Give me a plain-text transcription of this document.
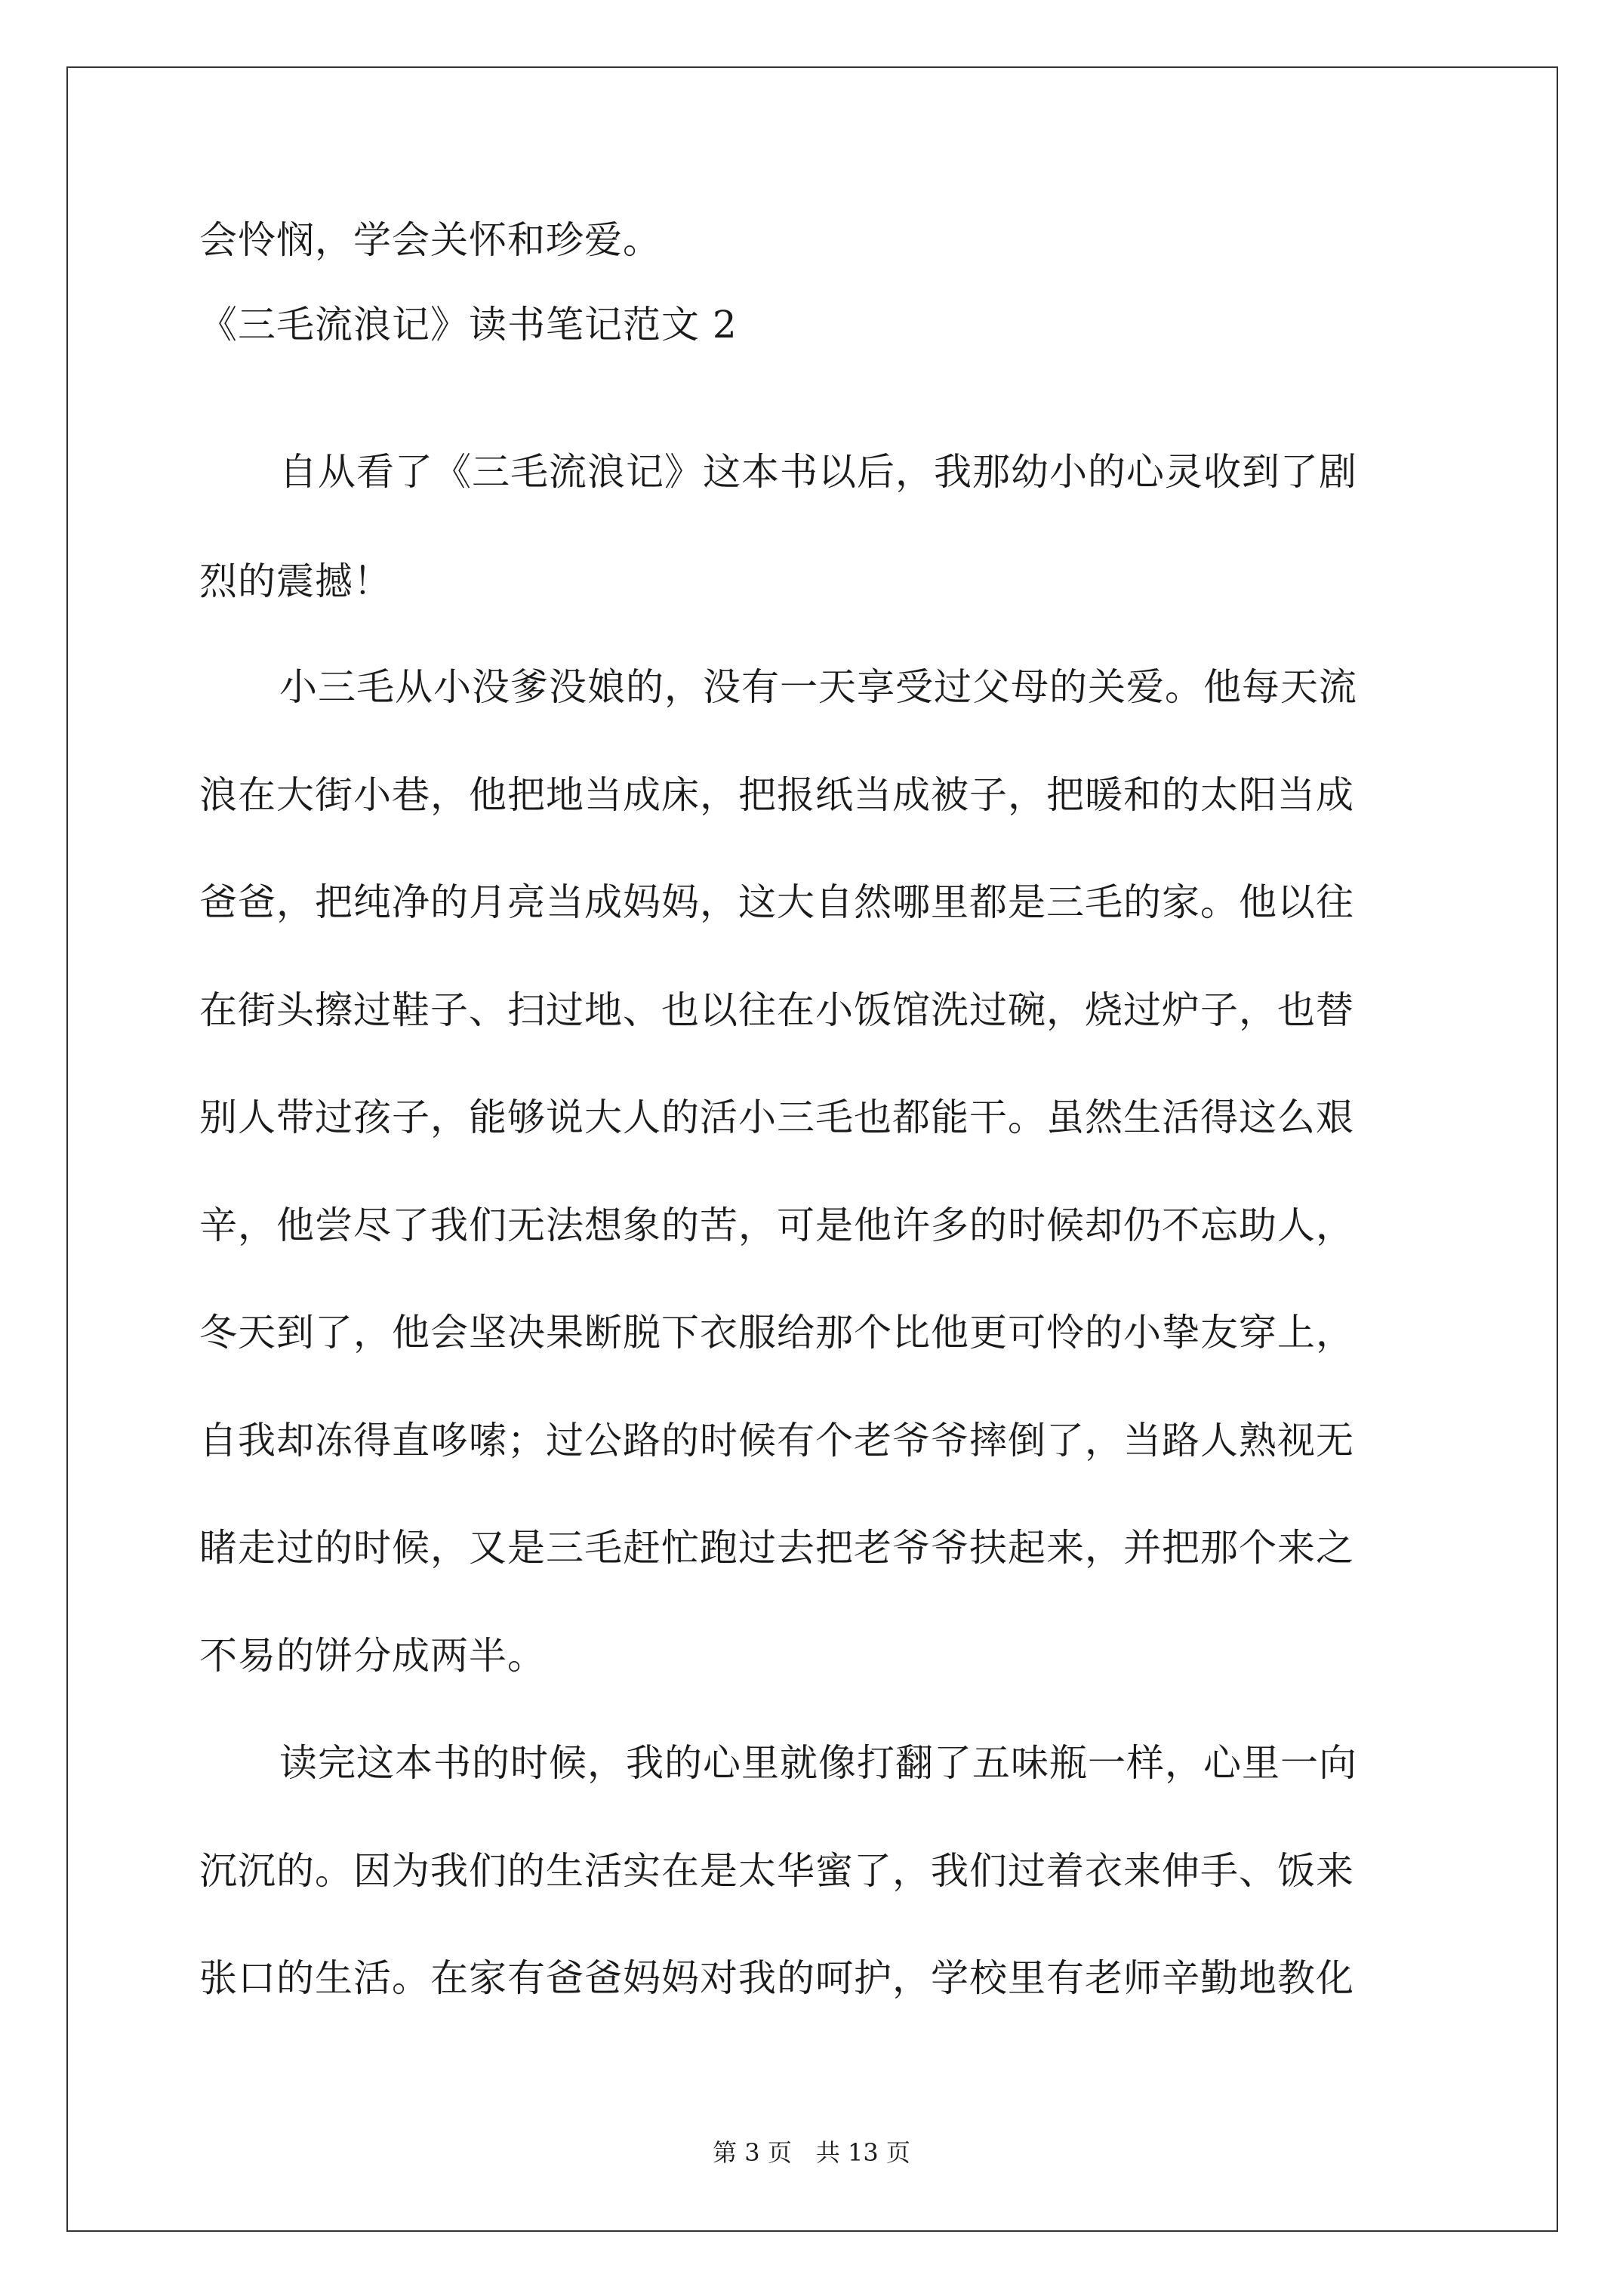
会怜悯，学会关怀和珍爱。
《三毛流浪记》读书笔记范文 2
自从看了《三毛流浪记》这本书以后，我那幼小的心灵收到了剧
烈的震撼！
小三毛从小没爹没娘的，没有一天享受过父母的关爱。他每天流
浪在大街小巷，他把地当成床，把报纸当成被子，把暖和的太阳当成
爸爸，把纯净的月亮当成妈妈，这大自然哪里都是三毛的家。他以往
在街头擦过鞋子、扫过地、也以往在小饭馆洗过碗，烧过炉子，也替
别人带过孩子，能够说大人的活小三毛也都能干。虽然生活得这么艰
辛，他尝尽了我们无法想象的苦，可是他许多的时候却仍不忘助人，
冬天到了，他会坚决果断脱下衣服给那个比他更可怜的小挚友穿上，
自我却冻得直哆嗦；过公路的时候有个老爷爷摔倒了，当路人熟视无
睹走过的时候，又是三毛赶忙跑过去把老爷爷扶起来，并把那个来之
不易的饼分成两半。
读完这本书的时候，我的心里就像打翻了五味瓶一样，心里一向
沉沉的。因为我们的生活实在是太华蜜了，我们过着衣来伸手、饭来
张口的生活。在家有爸爸妈妈对我的呵护，学校里有老师辛勤地教化
第 3 页　共 13 页
